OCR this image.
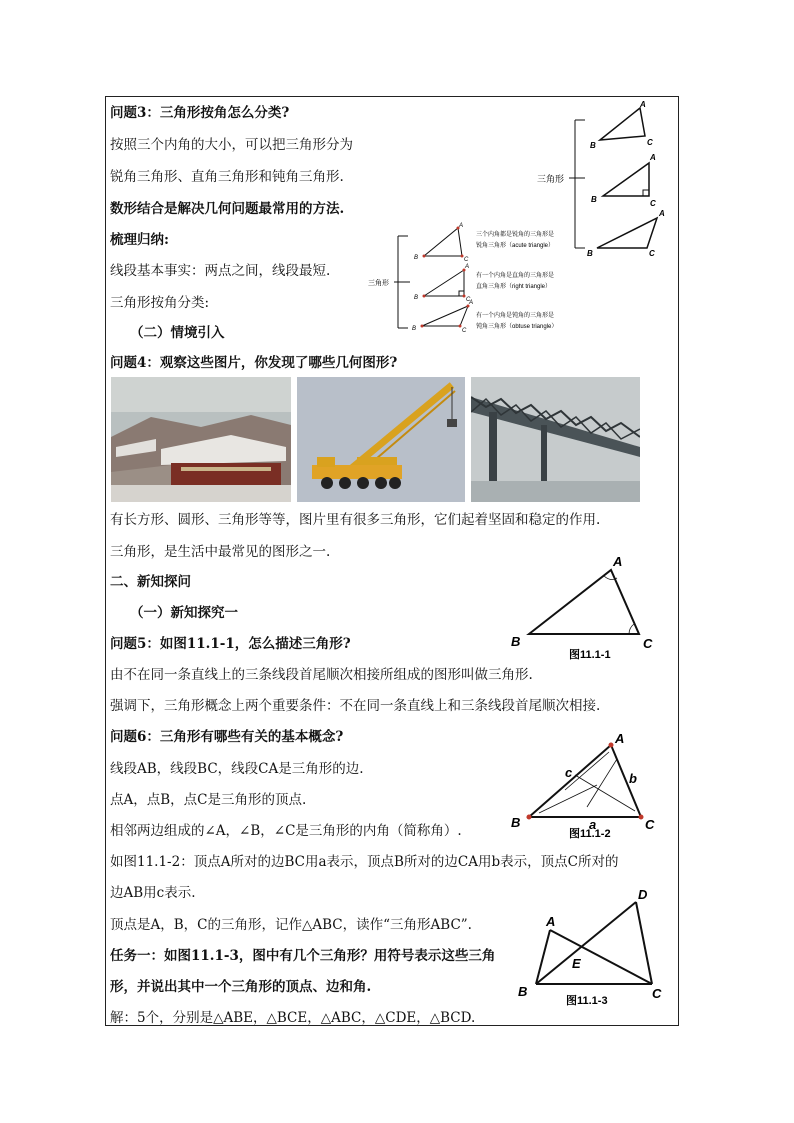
问题3：三角形按角怎么分类?
按照三个内角的大小，可以把三角形分为
锐角三角形、直角三角形和钝角三角形.
数形结合是解决几何问题最常用的方法.
梳理归纳:
线段基本事实：两点之间，线段最短.
三角形按角分类:
（二）情境引入
问题4：观察这些图片，你发现了哪些几何图形?
有长方形、圆形、三角形等等，图片里有很多三角形，它们起着坚固和稳定的作用.
三角形，是生活中最常见的图形之一.
二、新知探问
（一）新知探究一
问题5：如图11.1-1，怎么描述三角形?
由不在同一条直线上的三条线段首尾顺次相接所组成的图形叫做三角形.
强调下，三角形概念上两个重要条件：不在同一条直线上和三条线段首尾顺次相接.
问题6：三角形有哪些有关的基本概念?
线段AB，线段BC，线段CA是三角形的边.
点A，点B，点C是三角形的顶点.
相邻两边组成的∠A，∠B，∠C是三角形的内角（简称角）.
如图11.1-2：顶点A所对的边BC用a表示，顶点B所对的边CA用b表示，顶点C所对的
边AB用c表示.
顶点是A，B，C的三角形，记作△ABC，读作“三角形ABC”.
任务一：如图11.1-3，图中有几个三角形？用符号表示这些三角
形，并说出其中一个三角形的顶点、边和角.
解：5个，分别是△ABE，△BCE，△ABC，△CDE，△BCD.
三角形
A
B	C
A
B	C
A
B	C
三角形
A
B	C
三个内角都是锐角的三角形是
锐角三角形（acute triangle）
A
B	C
有一个内角是直角的三角形是
直角三角形（right triangle）
A
B	C
有一个内角是钝角的三角形是
钝角三角形（obtuse triangle）
A
B	C
图11.1-1
A
B	C
c	b
a
图11.1-2
A
D
B	C
E
图11.1-3
